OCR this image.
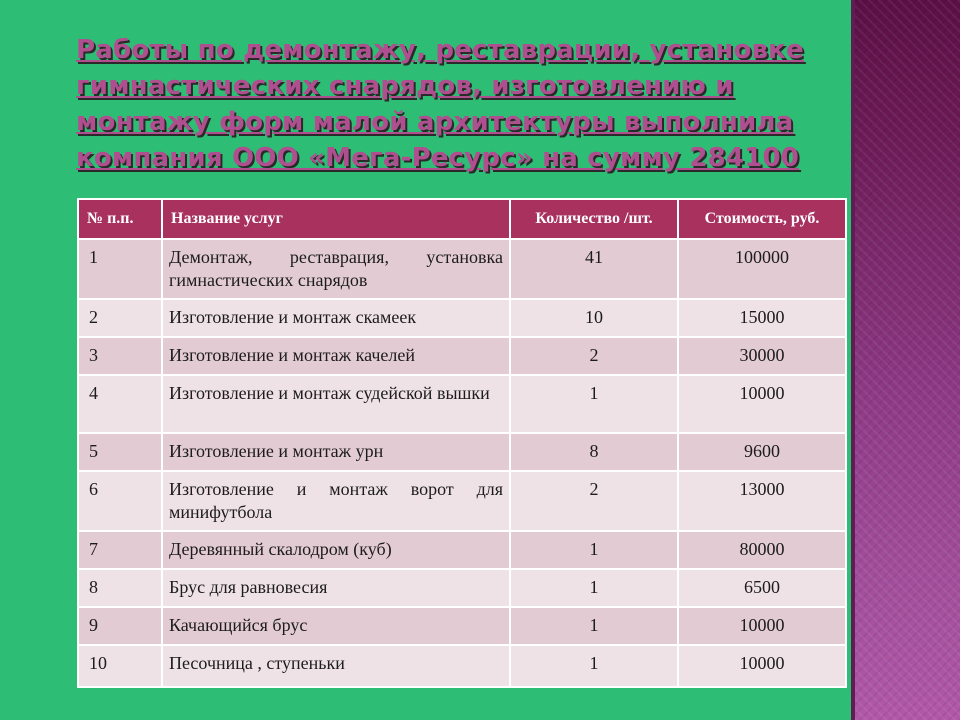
Работы по демонтажу, реставрации, установке гимнастических снарядов, изготовлению и монтажу форм малой архитектуры выполнила компания ООО «Мега-Ресурс» на сумму 284100
№ п.п.	Название услуг	Количество /шт.	Стоимость, руб.
1	Демонтаж, реставрация, установка гимнастических снарядов	41	100000
2	Изготовление и монтаж скамеек	10	15000
3	Изготовление и монтаж качелей	2	30000
4	Изготовление и монтаж судейской вышки	1	10000
5	Изготовление и монтаж урн	8	9600
6	Изготовление и монтаж ворот для минифутбола	2	13000
7	Деревянный скалодром (куб)	1	80000
8	Брус для равновесия	1	6500
9	Качающийся брус	1	10000
10	Песочница , ступеньки	1	10000
